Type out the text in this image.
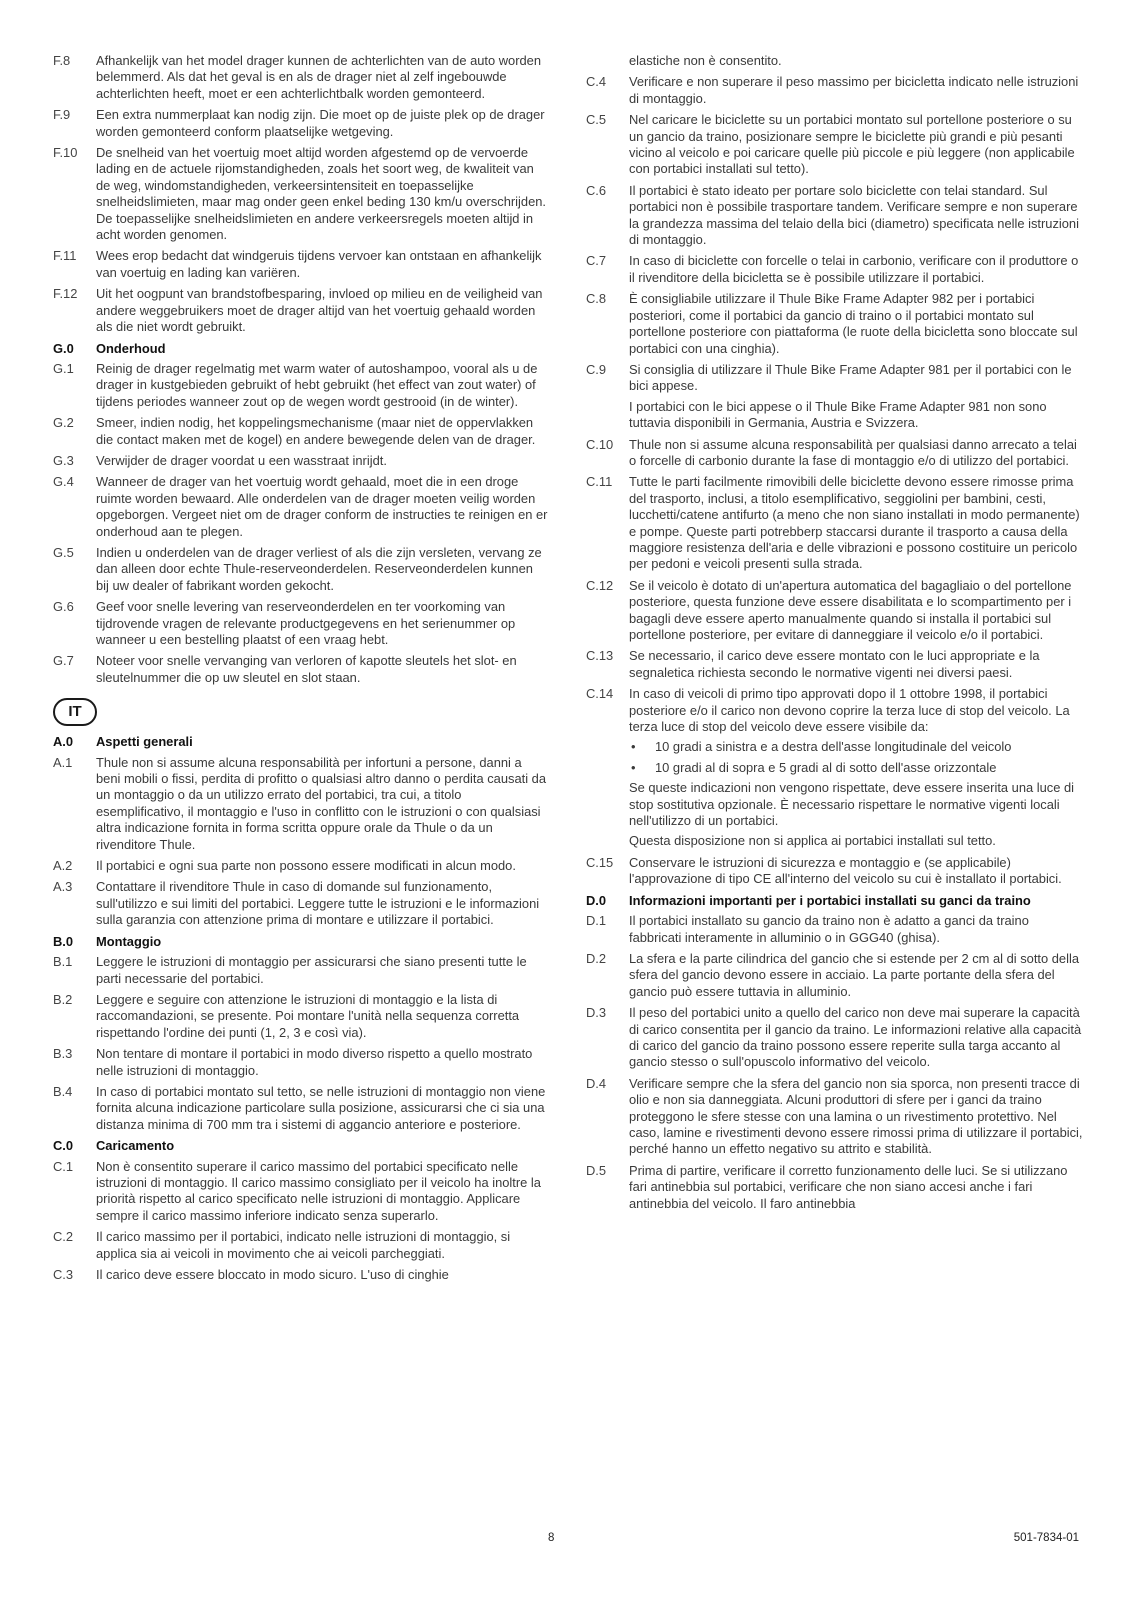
F.8	Afhankelijk van het model drager kunnen de achterlichten van de auto worden belemmerd. Als dat het geval is en als de drager niet al zelf ingebouwde achterlichten heeft, moet er een achterlichtbalk worden gemonteerd.
F.9	Een extra nummerplaat kan nodig zijn. Die moet op de juiste plek op de drager worden gemonteerd conform plaatselijke wetgeving.
F.10	De snelheid van het voertuig moet altijd worden afgestemd op de vervoerde lading en de actuele rijomstandigheden, zoals het soort weg, de kwaliteit van de weg, windomstandigheden, verkeersintensiteit en toepasselijke snelheidslimieten, maar mag onder geen enkel beding 130 km/u overschrijden. De toepasselijke snelheidslimieten en andere verkeersregels moeten altijd in acht worden genomen.
F.11	Wees erop bedacht dat windgeruis tijdens vervoer kan ontstaan en afhankelijk van voertuig en lading kan variëren.
F.12	Uit het oogpunt van brandstofbesparing, invloed op milieu en de veiligheid van andere weggebruikers moet de drager altijd van het voertuig gehaald worden als die niet wordt gebruikt.
G.0	Onderhoud
G.1	Reinig de drager regelmatig met warm water of autoshampoo, vooral als u de drager in kustgebieden gebruikt of hebt gebruikt (het effect van zout water) of tijdens periodes wanneer zout op de wegen wordt gestrooid (in de winter).
G.2	Smeer, indien nodig, het koppelingsmechanisme (maar niet de oppervlakken die contact maken met de kogel) en andere bewegende delen van de drager.
G.3	Verwijder de drager voordat u een wasstraat inrijdt.
G.4	Wanneer de drager van het voertuig wordt gehaald, moet die in een droge ruimte worden bewaard. Alle onderdelen van de drager moeten veilig worden opgeborgen. Vergeet niet om de drager conform de instructies te reinigen en er onderhoud aan te plegen.
G.5	Indien u onderdelen van de drager verliest of als die zijn versleten, vervang ze dan alleen door echte Thule-reserveonderdelen. Reserveonderdelen kunnen bij uw dealer of fabrikant worden gekocht.
G.6	Geef voor snelle levering van reserveonderdelen en ter voorkoming van tijdrovende vragen de relevante productgegevens en het serienummer op wanneer u een bestelling plaatst of een vraag hebt.
G.7	Noteer voor snelle vervanging van verloren of kapotte sleutels het slot- en sleutelnummer die op uw sleutel en slot staan.
IT
A.0	Aspetti generali
A.1	Thule non si assume alcuna responsabilità per infortuni a persone, danni a beni mobili o fissi, perdita di profitto o qualsiasi altro danno o perdita causati da un montaggio o da un utilizzo errato del portabici, tra cui, a titolo esemplificativo, il montaggio e l'uso in conflitto con le istruzioni o con qualsiasi altra indicazione fornita in forma scritta oppure orale da Thule o da un rivenditore Thule.
A.2	Il portabici e ogni sua parte non possono essere modificati in alcun modo.
A.3	Contattare il rivenditore Thule in caso di domande sul funzionamento, sull'utilizzo e sui limiti del portabici. Leggere tutte le istruzioni e le informazioni sulla garanzia con attenzione prima di montare e utilizzare il portabici.
B.0	Montaggio
B.1	Leggere le istruzioni di montaggio per assicurarsi che siano presenti tutte le parti necessarie del portabici.
B.2	Leggere e seguire con attenzione le istruzioni di montaggio e la lista di raccomandazioni, se presente. Poi montare l'unità nella sequenza corretta rispettando l'ordine dei punti (1, 2, 3 e così via).
B.3	Non tentare di montare il portabici in modo diverso rispetto a quello mostrato nelle istruzioni di montaggio.
B.4	In caso di portabici montato sul tetto, se nelle istruzioni di montaggio non viene fornita alcuna indicazione particolare sulla posizione, assicurarsi che ci sia una distanza minima di 700 mm tra i sistemi di aggancio anteriore e posteriore.
C.0	Caricamento
C.1	Non è consentito superare il carico massimo del portabici specificato nelle istruzioni di montaggio. Il carico massimo consigliato per il veicolo ha inoltre la priorità rispetto al carico specificato nelle istruzioni di montaggio. Applicare sempre il carico massimo inferiore indicato senza superarlo.
C.2	Il carico massimo per il portabici, indicato nelle istruzioni di montaggio, si applica sia ai veicoli in movimento che ai veicoli parcheggiati.
C.3	Il carico deve essere bloccato in modo sicuro. L'uso di cinghie
elastiche non è consentito.
C.4	Verificare e non superare il peso massimo per bicicletta indicato nelle istruzioni di montaggio.
C.5	Nel caricare le biciclette su un portabici montato sul portellone posteriore o su un gancio da traino, posizionare sempre le biciclette più grandi e più pesanti vicino al veicolo e poi caricare quelle più piccole e più leggere (non applicabile con portabici installati sul tetto).
C.6	Il portabici è stato ideato per portare solo biciclette con telai standard. Sul portabici non è possibile trasportare tandem. Verificare sempre e non superare la grandezza massima del telaio della bici (diametro) specificata nelle istruzioni di montaggio.
C.7	In caso di biciclette con forcelle o telai in carbonio, verificare con il produttore o il rivenditore della bicicletta se è possibile utilizzare il portabici.
C.8	È consigliabile utilizzare il Thule Bike Frame Adapter 982 per i portabici posteriori, come il portabici da gancio di traino o il portabici montato sul portellone posteriore con piattaforma (le ruote della bicicletta sono bloccate sul portabici con una cinghia).
C.9	Si consiglia di utilizzare il Thule Bike Frame Adapter 981 per il portabici con le bici appese.
I portabici con le bici appese o il Thule Bike Frame Adapter 981 non sono tuttavia disponibili in Germania, Austria e Svizzera.
C.10	Thule non si assume alcuna responsabilità per qualsiasi danno arrecato a telai o forcelle di carbonio durante la fase di montaggio e/o di utilizzo del portabici.
C.11	Tutte le parti facilmente rimovibili delle biciclette devono essere rimosse prima del trasporto, inclusi, a titolo esemplificativo, seggiolini per bambini, cesti, lucchetti/catene antifurto (a meno che non siano installati in modo permanente) e pompe. Queste parti potrebberp staccarsi durante il trasporto a causa della maggiore resistenza dell'aria e delle vibrazioni e possono costituire un pericolo per pedoni e veicoli presenti sulla strada.
C.12	Se il veicolo è dotato di un'apertura automatica del bagagliaio o del portellone posteriore, questa funzione deve essere disabilitata e lo scompartimento per i bagagli deve essere aperto manualmente quando si installa il portabici sul portellone posteriore, per evitare di danneggiare il veicolo e/o il portabici.
C.13	Se necessario, il carico deve essere montato con le luci appropriate e la segnaletica richiesta secondo le normative vigenti nei diversi paesi.
C.14	In caso di veicoli di primo tipo approvati dopo il 1 ottobre 1998, il portabici posteriore e/o il carico non devono coprire la terza luce di stop del veicolo. La terza luce di stop del veicolo deve essere visibile da:
•	10 gradi a sinistra e a destra dell'asse longitudinale del veicolo
•	10 gradi al di sopra e 5 gradi al di sotto dell'asse orizzontale
Se queste indicazioni non vengono rispettate, deve essere inserita una luce di stop sostitutiva opzionale. È necessario rispettare le normative vigenti locali nell'utilizzo di un portabici.
Questa disposizione non si applica ai portabici installati sul tetto.
C.15	Conservare le istruzioni di sicurezza e montaggio e (se applicabile) l'approvazione di tipo CE all'interno del veicolo su cui è installato il portabici.
D.0	Informazioni importanti per i portabici installati su ganci da traino
D.1	Il portabici installato su gancio da traino non è adatto a ganci da traino fabbricati interamente in alluminio o in GGG40 (ghisa).
D.2	La sfera e la parte cilindrica del gancio che si estende per 2 cm al di sotto della sfera del gancio devono essere in acciaio. La parte portante della sfera del gancio può essere tuttavia in alluminio.
D.3	Il peso del portabici unito a quello del carico non deve mai superare la capacità di carico consentita per il gancio da traino. Le informazioni relative alla capacità di carico del gancio da traino possono essere reperite sulla targa accanto al gancio stesso o sull'opuscolo informativo del veicolo.
D.4	Verificare sempre che la sfera del gancio non sia sporca, non presenti tracce di olio e non sia danneggiata. Alcuni produttori di sfere per i ganci da traino proteggono le sfere stesse con una lamina o un rivestimento protettivo. Nel caso, lamine e rivestimenti devono essere rimossi prima di utilizzare il portabici, perché hanno un effetto negativo su attrito e stabilità.
D.5	Prima di partire, verificare il corretto funzionamento delle luci. Se si utilizzano fari antinebbia sul portabici, verificare che non siano accesi anche i fari antinebbia del veicolo. Il faro antinebbia
8	501-7834-01
